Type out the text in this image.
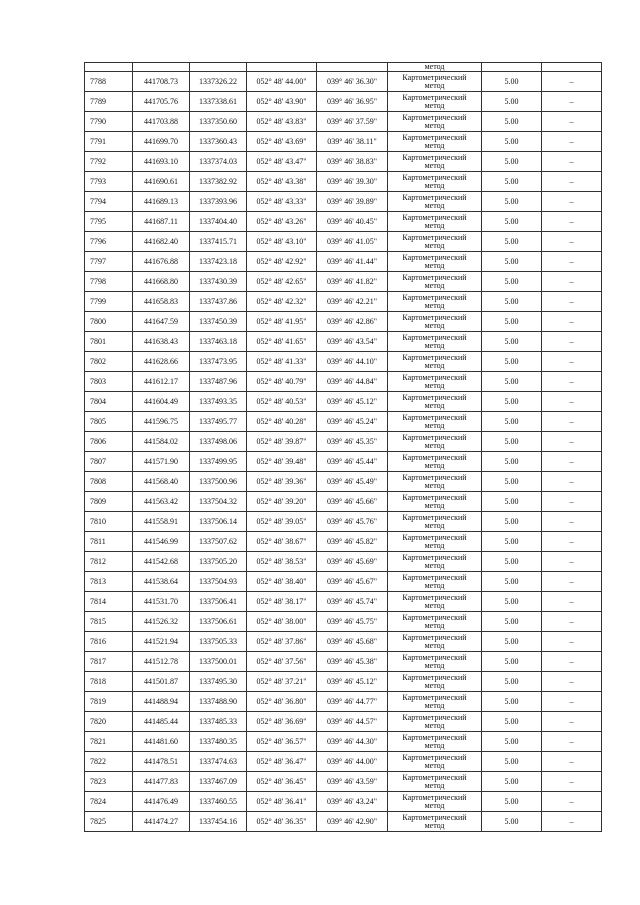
					метод		
7788	441708.73	1337326.22	052° 48' 44.00"	039° 46' 36.30"	Картометрический
метод	5.00	–
7789	441705.76	1337338.61	052° 48' 43.90"	039° 46' 36.95"	Картометрический
метод	5.00	–
7790	441703.88	1337350.60	052° 48' 43.83"	039° 46' 37.59"	Картометрический
метод	5.00	–
7791	441699.70	1337360.43	052° 48' 43.69"	039° 46' 38.11"	Картометрический
метод	5.00	–
7792	441693.10	1337374.03	052° 48' 43.47"	039° 46' 38.83"	Картометрический
метод	5.00	–
7793	441690.61	1337382.92	052° 48' 43.38"	039° 46' 39.30"	Картометрический
метод	5.00	–
7794	441689.13	1337393.96	052° 48' 43.33"	039° 46' 39.89"	Картометрический
метод	5.00	–
7795	441687.11	1337404.40	052° 48' 43.26"	039° 46' 40.45"	Картометрический
метод	5.00	–
7796	441682.40	1337415.71	052° 48' 43.10"	039° 46' 41.05"	Картометрический
метод	5.00	–
7797	441676.88	1337423.18	052° 48' 42.92"	039° 46' 41.44"	Картометрический
метод	5.00	–
7798	441668.80	1337430.39	052° 48' 42.65"	039° 46' 41.82"	Картометрический
метод	5.00	–
7799	441658.83	1337437.86	052° 48' 42.32"	039° 46' 42.21"	Картометрический
метод	5.00	–
7800	441647.59	1337450.39	052° 48' 41.95"	039° 46' 42.86"	Картометрический
метод	5.00	–
7801	441638.43	1337463.18	052° 48' 41.65"	039° 46' 43.54"	Картометрический
метод	5.00	–
7802	441628.66	1337473.95	052° 48' 41.33"	039° 46' 44.10"	Картометрический
метод	5.00	–
7803	441612.17	1337487.96	052° 48' 40.79"	039° 46' 44.84"	Картометрический
метод	5.00	–
7804	441604.49	1337493.35	052° 48' 40.53"	039° 46' 45.12"	Картометрический
метод	5.00	–
7805	441596.75	1337495.77	052° 48' 40.28"	039° 46' 45.24"	Картометрический
метод	5.00	–
7806	441584.02	1337498.06	052° 48' 39.87"	039° 46' 45.35"	Картометрический
метод	5.00	–
7807	441571.90	1337499.95	052° 48' 39.48"	039° 46' 45.44"	Картометрический
метод	5.00	–
7808	441568.40	1337500.96	052° 48' 39.36"	039° 46' 45.49"	Картометрический
метод	5.00	–
7809	441563.42	1337504.32	052° 48' 39.20"	039° 46' 45.66"	Картометрический
метод	5.00	–
7810	441558.91	1337506.14	052° 48' 39.05"	039° 46' 45.76"	Картометрический
метод	5.00	–
7811	441546.99	1337507.62	052° 48' 38.67"	039° 46' 45.82"	Картометрический
метод	5.00	–
7812	441542.68	1337505.20	052° 48' 38.53"	039° 46' 45.69"	Картометрический
метод	5.00	–
7813	441538.64	1337504.93	052° 48' 38.40"	039° 46' 45.67"	Картометрический
метод	5.00	–
7814	441531.70	1337506.41	052° 48' 38.17"	039° 46' 45.74"	Картометрический
метод	5.00	–
7815	441526.32	1337506.61	052° 48' 38.00"	039° 46' 45.75"	Картометрический
метод	5.00	–
7816	441521.94	1337505.33	052° 48' 37.86"	039° 46' 45.68"	Картометрический
метод	5.00	–
7817	441512.78	1337500.01	052° 48' 37.56"	039° 46' 45.38"	Картометрический
метод	5.00	–
7818	441501.87	1337495.30	052° 48' 37.21"	039° 46' 45.12"	Картометрический
метод	5.00	–
7819	441488.94	1337488.90	052° 48' 36.80"	039° 46' 44.77"	Картометрический
метод	5.00	–
7820	441485.44	1337485.33	052° 48' 36.69"	039° 46' 44.57"	Картометрический
метод	5.00	–
7821	441481.60	1337480.35	052° 48' 36.57"	039° 46' 44.30"	Картометрический
метод	5.00	–
7822	441478.51	1337474.63	052° 48' 36.47"	039° 46' 44.00"	Картометрический
метод	5.00	–
7823	441477.83	1337467.09	052° 48' 36.45"	039° 46' 43.59"	Картометрический
метод	5.00	–
7824	441476.49	1337460.55	052° 48' 36.41"	039° 46' 43.24"	Картометрический
метод	5.00	–
7825	441474.27	1337454.16	052° 48' 36.35"	039° 46' 42.90"	Картометрический
метод	5.00	–
